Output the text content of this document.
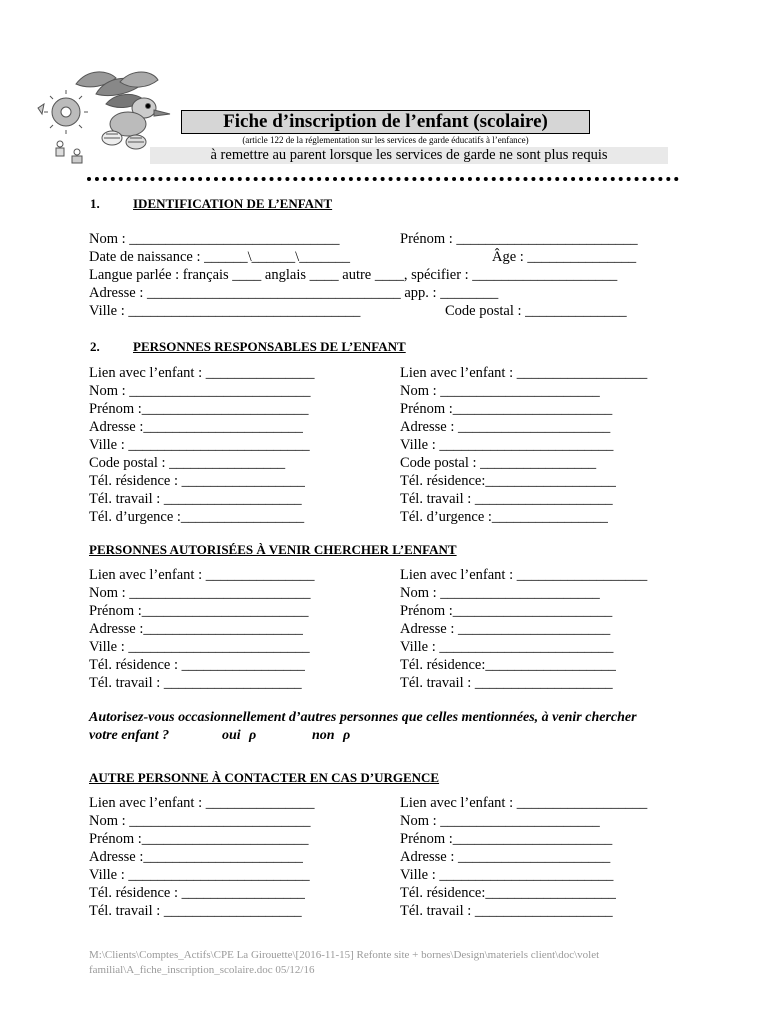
Fiche d’inscription de l’enfant (scolaire)
(article 122 de la réglementation sur les services de garde éducatifs à l’enfance)
à remettre au parent lorsque les services de garde ne sont plus requis
1.	IDENTIFICATION DE L’ENFANT
Nom : _____________________________	Prénom : _________________________
Date de naissance : ______\______\_______	Âge : _______________
Langue parlée : français ____ anglais ____ autre ____, spécifier : ____________________
Adresse : ___________________________________ app. : ________
Ville : ________________________________	Code postal : ______________
2.	PERSONNES RESPONSABLES DE L’ENFANT
Lien avec l’enfant : _______________
Nom : _________________________
Prénom :_______________________
Adresse :______________________
Ville : _________________________
Code postal : ________________
Tél. résidence : _________________
Tél. travail : ___________________
Tél. d’urgence :_________________
Lien avec l’enfant : __________________
Nom : ______________________
Prénom :______________________
Adresse : _____________________
Ville : ________________________
Code postal : ________________
Tél. résidence:__________________
Tél. travail : ___________________
Tél. d’urgence :________________
PERSONNES AUTORISÉES À VENIR CHERCHER L’ENFANT
Lien avec l’enfant : _______________
Nom : _________________________
Prénom :_______________________
Adresse :______________________
Ville : _________________________
Tél. résidence : _________________
Tél. travail : ___________________
Lien avec l’enfant : __________________
Nom : ______________________
Prénom :______________________
Adresse : _____________________
Ville : ________________________
Tél. résidence:__________________
Tél. travail : ___________________
Autorisez-vous occasionnellement d’autres personnes que celles mentionnées, à venir chercher
votre enfant ?	oui ρ	non ρ
AUTRE PERSONNE À CONTACTER EN CAS D’URGENCE
Lien avec l’enfant : _______________
Nom : _________________________
Prénom :_______________________
Adresse :______________________
Ville : _________________________
Tél. résidence : _________________
Tél. travail : ___________________
Lien avec l’enfant : __________________
Nom : ______________________
Prénom :______________________
Adresse : _____________________
Ville : ________________________
Tél. résidence:__________________
Tél. travail : ___________________
M:\Clients\Comptes_Actifs\CPE La Girouette\[2016-11-15] Refonte site + bornes\Design\materiels client\doc\volet
familial\A_fiche_inscription_scolaire.doc 05/12/16
